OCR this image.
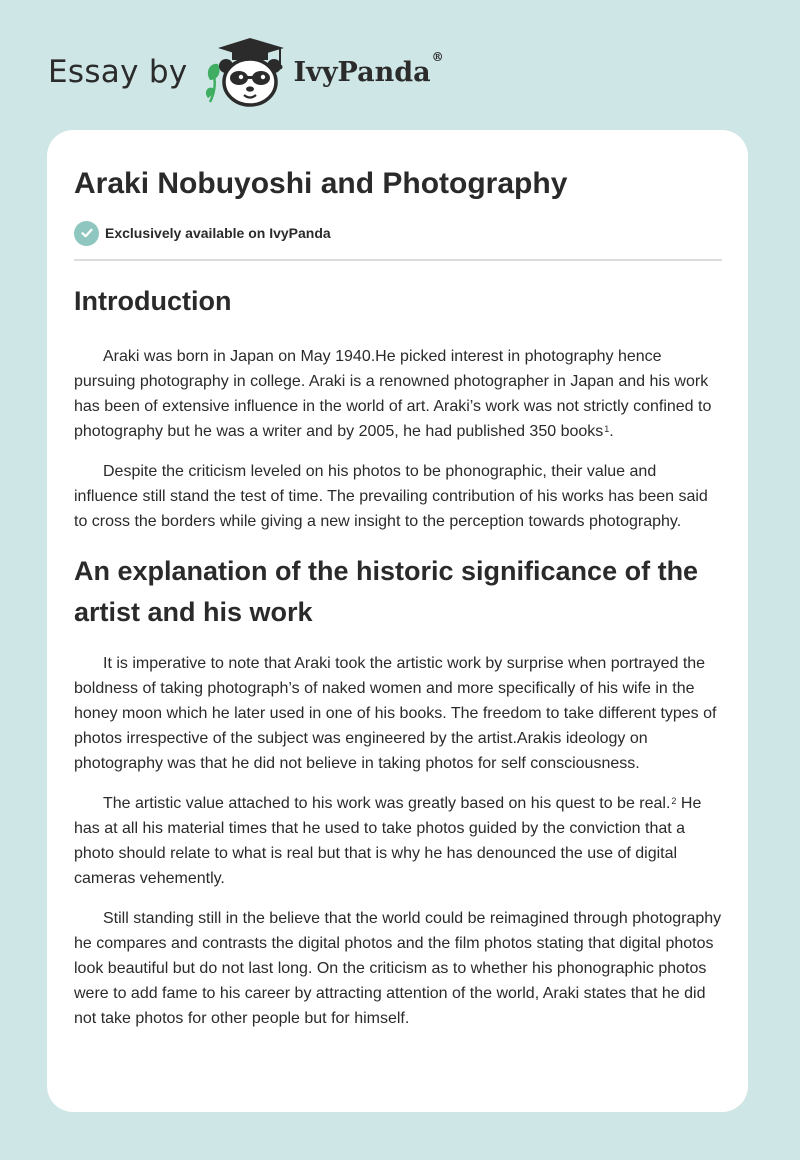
Essay by	IvyPanda®
Araki Nobuyoshi and Photography
Exclusively available on IvyPanda
Introduction

Araki was born in Japan on May 1940.He picked interest in photography hence pursuing photography in college. Araki is a renowned photographer in Japan and his work has been of extensive influence in the world of art. Araki’s work was not strictly confined to photography but he was a writer and by 2005, he had published 350 books$^1$.

Despite the criticism leveled on his photos to be phonographic, their value and influence still stand the test of time. The prevailing contribution of his works has been said to cross the borders while giving a new insight to the perception towards photography.

An explanation of the historic significance of the artist and his work

It is imperative to note that Araki took the artistic work by surprise when portrayed the boldness of taking photograph’s of naked women and more specifically of his wife in the honey moon which he later used in one of his books. The freedom to take different types of photos irrespective of the subject was engineered by the artist.Arakis ideology on photography was that he did not believe in taking photos for self consciousness.

The artistic value attached to his work was greatly based on his quest to be real.$^2$ He has at all his material times that he used to take photos guided by the conviction that a photo should relate to what is real but that is why he has denounced the use of digital cameras vehemently.

Still standing still in the believe that the world could be reimagined through photography he compares and contrasts the digital photos and the film photos stating that digital photos look beautiful but do not last long. On the criticism as to whether his phonographic photos were to add fame to his career by attracting attention of the world, Araki states that he did not take photos for other people but for himself.
